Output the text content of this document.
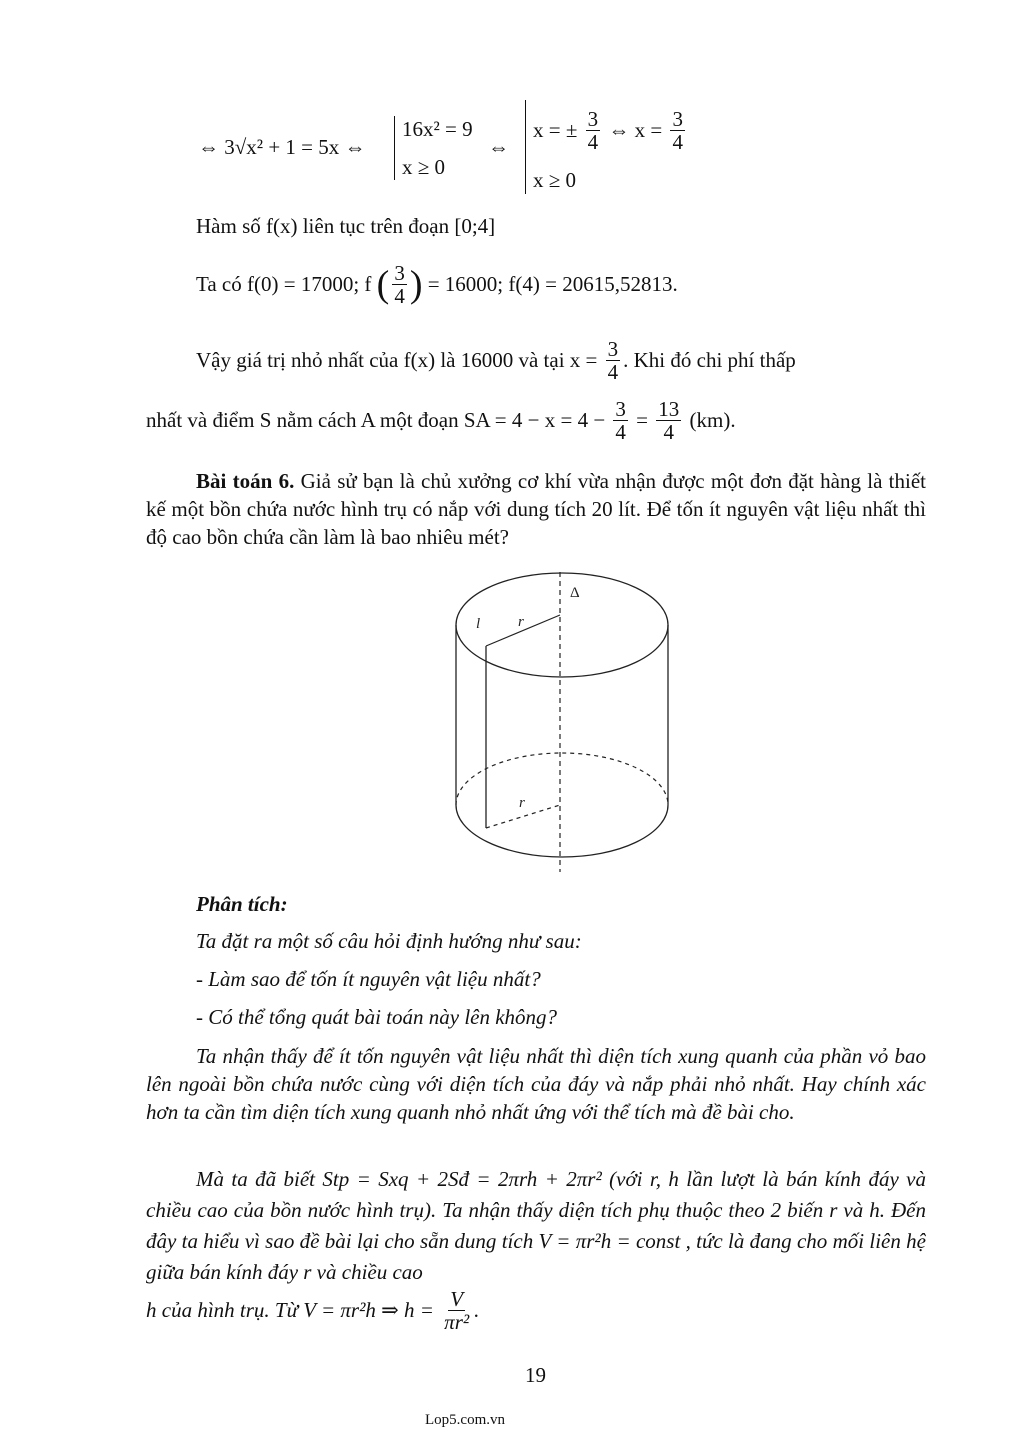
⇔ 3√x² + 1 = 5x ⇔
16x² = 9
x ≥ 0
⇔
x = ± $\frac{3}{4}$ ⇔ $x = \frac{3}{4}$
x ≥ 0
Hàm số f(x) liên tục trên đoạn [0;4]
Ta có f(0) = 17000; f ( $\frac{3}{4}$ ) = 16000; f(4) = 20615,52813.
Vậy giá trị nhỏ nhất của f(x) là 16000 và tại $x = \frac{3}{4}$ . Khi đó chi phí thấp
nhất và điểm S nằm cách A một đoạn SA = $4 - x = 4 - \frac{3}{4} = \frac{13}{4} (km)$.
Bài toán 6. Giả sử bạn là chủ xưởng cơ khí vừa nhận được một đơn đặt hàng là thiết kế một bồn chứa nước hình trụ có nắp với dung tích 20 lít. Để tốn ít nguyên vật liệu nhất thì độ cao bồn chứa cần làm là bao nhiêu mét?
Δ
l	r
r
Phân tích:
Ta đặt ra một số câu hỏi định hướng như sau:
- Làm sao để tốn ít nguyên vật liệu nhất?
- Có thể tổng quát bài toán này lên không?
Ta nhận thấy để ít tốn nguyên vật liệu nhất thì diện tích xung quanh của phần vỏ bao lên ngoài bồn chứa nước cùng với diện tích của đáy và nắp phải nhỏ nhất. Hay chính xác hơn ta cần tìm diện tích xung quanh nhỏ nhất ứng với thể tích mà đề bài cho.
Mà ta đã biết Stp = Sxq + 2Sđ = 2πrh + 2πr² (với r, h lần lượt là bán kính đáy và chiều cao của bồn nước hình trụ). Ta nhận thấy diện tích phụ thuộc theo 2 biến r và h. Đến đây ta hiểu vì sao đề bài lại cho sẵn dung tích V = πr²h = const , tức là đang cho mối liên hệ giữa bán kính đáy r và chiều cao
h của hình trụ. Từ V = πr²h ⇒ $h = \frac{V}{\text{πr²}}$ .
19
Lop5.com.vn
